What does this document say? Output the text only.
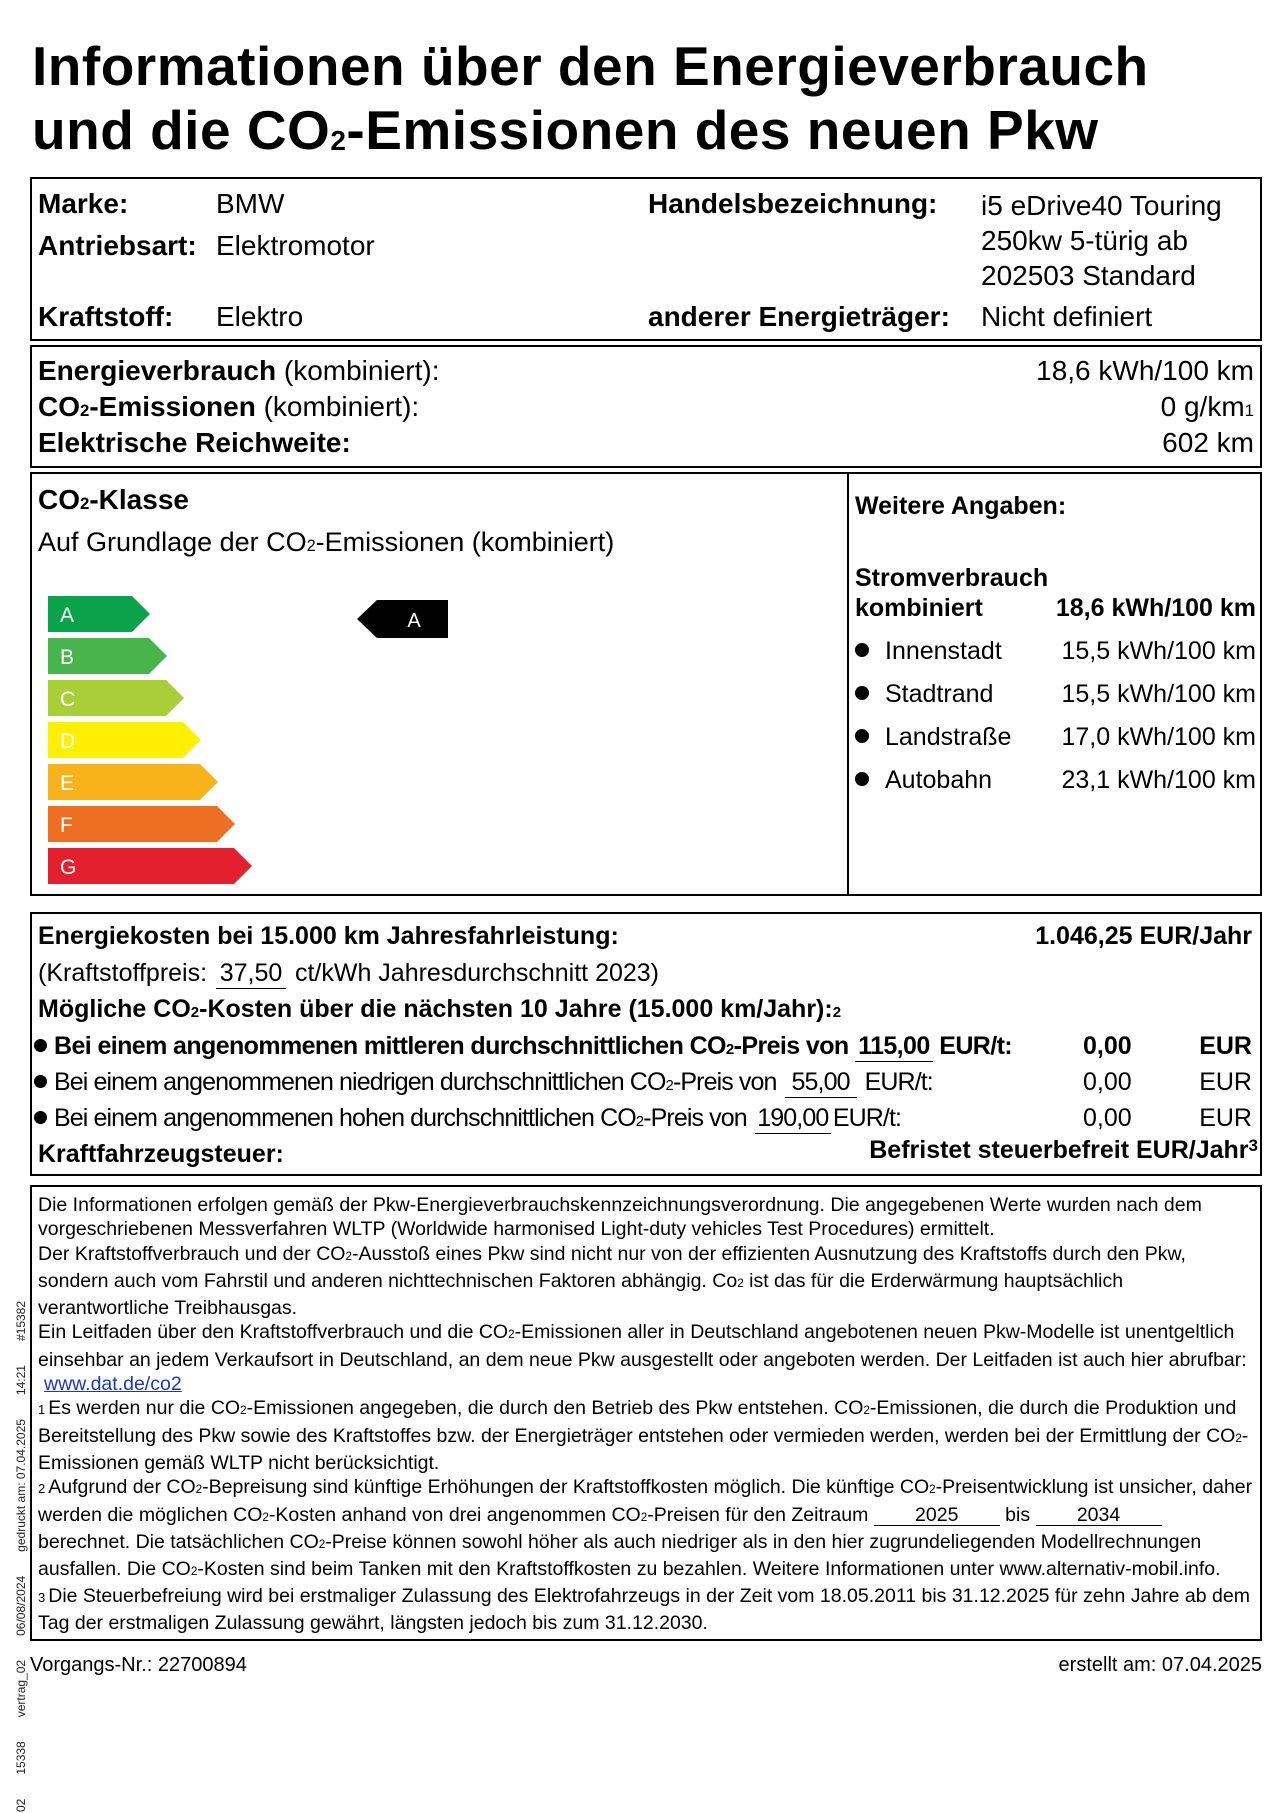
Informationen über den Energieverbrauch
und die CO2-Emissionen des neuen Pkw
Marke:	BMW
Antriebsart: Elektromotor
Kraftstoff: Elektro
Handelsbezeichnung: i5 eDrive40 Touring
250kw 5-türig ab
202503 Standard
anderer Energieträger: Nicht definiert
Energieverbrauch (kombiniert):	18,6 kWh/100 km
CO2-Emissionen (kombiniert):	0 g/km1
Elektrische Reichweite:	602 km
CO2-Klasse
Auf Grundlage der CO2-Emissionen (kombiniert)
A
B
C
D
E
F
G
A
Weitere Angaben:
Stromverbrauch
kombiniert	18,6 kWh/100 km
Innenstadt 15,5 kWh/100 km
Stadtrand	15,5 kWh/100 km
Landstraße 17,0 kWh/100 km
Autobahn	23,1 kWh/100 km
Energiekosten bei 15.000 km Jahresfahrleistung:	1.046,25 EUR/Jahr
(Kraftstoffpreis: 37,50 ct/kWh Jahresdurchschnitt 2023)
Mögliche CO2-Kosten über die nächsten 10 Jahre (15.000 km/Jahr):2
Bei einem angenommenen mittleren durchschnittlichen CO2-Preis von 115,00 EUR/t:	0,00	EUR
Bei einem angenommenen niedrigen durchschnittlichen CO2-Preis von 55,00 EUR/t:	0,00	EUR
Bei einem angenommenen hohen durchschnittlichen CO2-Preis von 190,00 EUR/t:	0,00	EUR
Kraftfahrzeugsteuer:	Befristet steuerbefreit EUR/Jahr$^3$

Die Informationen erfolgen gemäß der Pkw-Energieverbrauchskennzeichnungsverordnung. Die angegebenen Werte wurden nach dem vorgeschriebenen Messverfahren WLTP (Worldwide harmonised Light-duty vehicles Test Procedures) ermittelt.

Der Kraftstoffverbrauch und der CO2-Ausstoß eines Pkw sind nicht nur von der effizienten Ausnutzung des Kraftstoffs durch den Pkw, sondern auch vom Fahrstil und anderen nichttechnischen Faktoren abhängig. Co2 ist das für die Erderwärmung hauptsächlich verantwortliche Treibhausgas.

Ein Leitfaden über den Kraftstoffverbrauch und die CO2-Emissionen aller in Deutschland angebotenen neuen Pkw-Modelle ist unentgeltlich einsehbar an jedem Verkaufsort in Deutschland, an dem neue Pkw ausgestellt oder angeboten werden. Der Leitfaden ist auch hier abrufbar: www.dat.de/co2

1 Es werden nur die CO2-Emissionen angegeben, die durch den Betrieb des Pkw entstehen. CO2-Emissionen, die durch die Produktion und Bereitstellung des Pkw sowie des Kraftstoffes bzw. der Energieträger entstehen oder vermieden werden, werden bei der Ermittlung der CO2-Emissionen gemäß WLTP nicht berücksichtigt.

2 Aufgrund der CO2-Bepreisung sind künftige Erhöhungen der Kraftstoffkosten möglich. Die künftige CO2-Preisentwicklung ist unsicher, daher werden die möglichen CO2-Kosten anhand von drei angenommen CO2-Preisen für den Zeitraum 2025 bis 2034 berechnet. Die tatsächlichen CO2-Preise können sowohl höher als auch niedriger als in den hier zugrundeliegenden Modellrechnungen ausfallen. Die CO2-Kosten sind beim Tanken mit den Kraftstoffkosten zu bezahlen. Weitere Informationen unter www.alternativ-mobil.info.

3 Die Steuerbefreiung wird bei erstmaliger Zulassung des Elektrofahrzeugs in der Zeit vom 18.05.2011 bis 31.12.2025 für zehn Jahre ab dem Tag der erstmaligen Zulassung gewährt, längsten jedoch bis zum 31.12.2030.

Vorgangs-Nr.: 22700894	erstellt am: 07.04.2025
0215338vertrag_0206/08/2024gedruckt am: 07.04.202514:21#15382
